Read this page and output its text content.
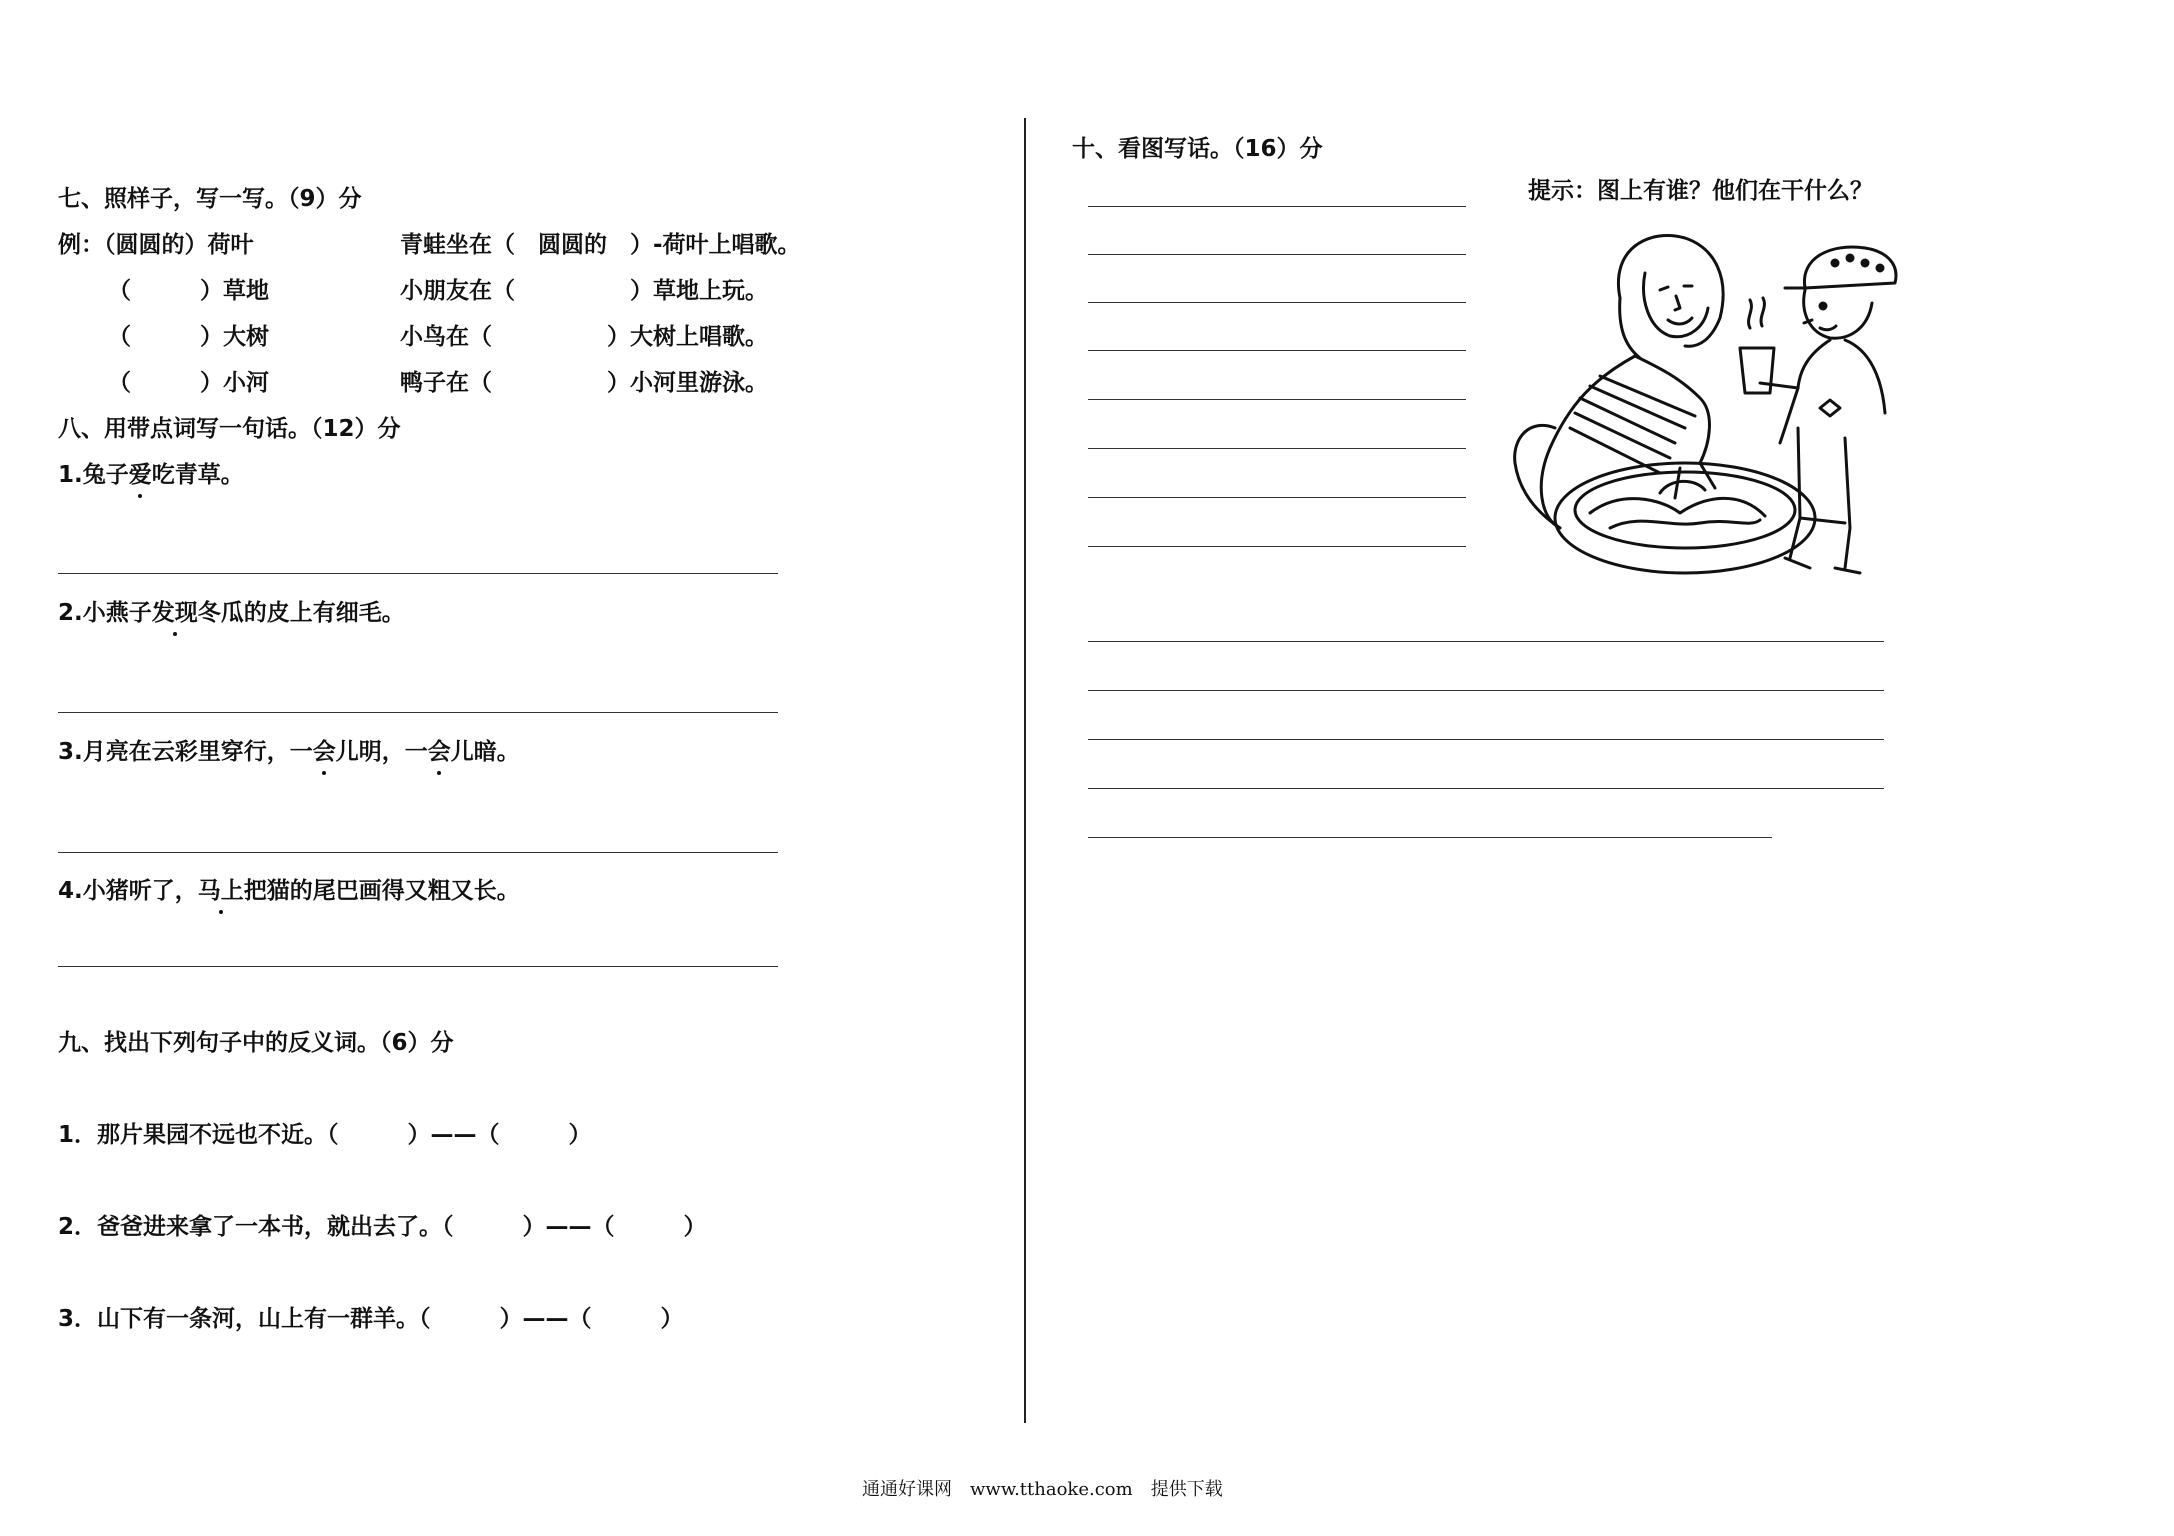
七、照样子，写一写。（9）分
例：（圆圆的）荷叶	青蛙坐在（　圆圆的　）-荷叶上唱歌。
（　　　）草地	小朋友在（　　　　　）草地上玩。
（　　　）大树	小鸟在（　　　　　）大树上唱歌。
（　　　）小河	鸭子在（　　　　　）小河里游泳。
八、用带点词写一句话。（12）分
1.兔子爱吃青草。
2.小燕子发现冬瓜的皮上有细毛。
3.月亮在云彩里穿行，一会儿明，一会儿暗。
4.小猪听了，马上把猫的尾巴画得又粗又长。
九、找出下列句子中的反义词。（6）分
1．那片果园不远也不近。（　　　）——（　　　）
2．爸爸进来拿了一本书，就出去了。（　　　）——（　　　）
3．山下有一条河，山上有一群羊。（　　　）——（　　　）
十、看图写话。（16）分
提示：图上有谁？他们在干什么？
通通好课网　www.tthaoke.com　提供下载
